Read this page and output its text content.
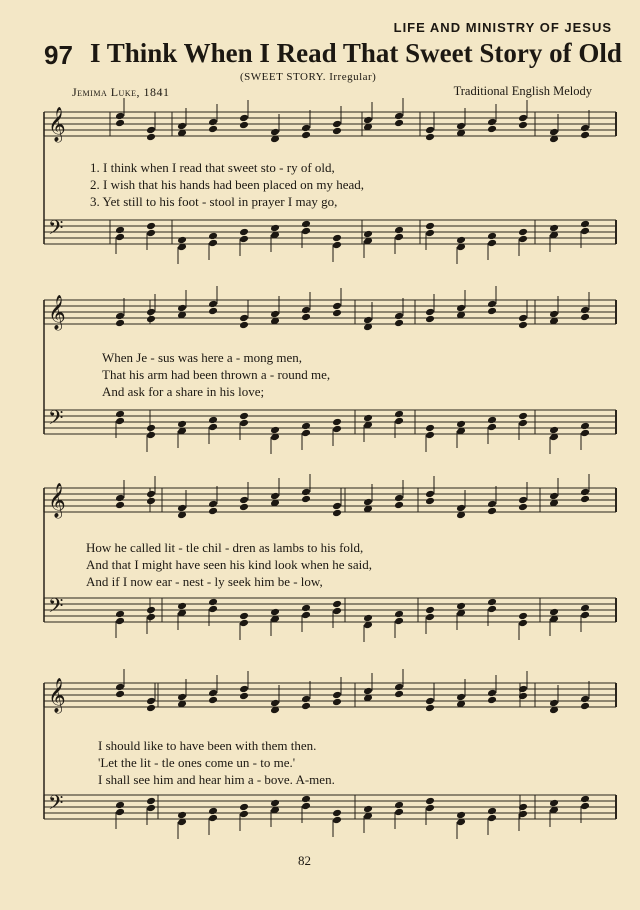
LIFE AND MINISTRY OF JESUS
97 I Think When I Read That Sweet Story of Old
(SWEET STORY. Irregular)
Jemima Luke, 1841	Traditional English Melody
𝄞
𝄢
𝄞
𝄢
𝄞
𝄢
𝄞
𝄢
1. I think when I read that sweet sto - ry of old,
2. I wish that his hands had been placed on my head,
3. Yet still to his foot - stool in prayer I may go,
When Je - sus was here a - mong men,
That his arm had been thrown a - round me,
And ask for a share in his love;
How he called lit - tle chil - dren as lambs to his fold,
And that I might have seen his kind look when he said,
And if I now ear - nest - ly seek him be - low,
I should like to have been with them then.
'Let the lit - tle ones come un - to me.'
I shall see him and hear him a - bove. A-men.
82
